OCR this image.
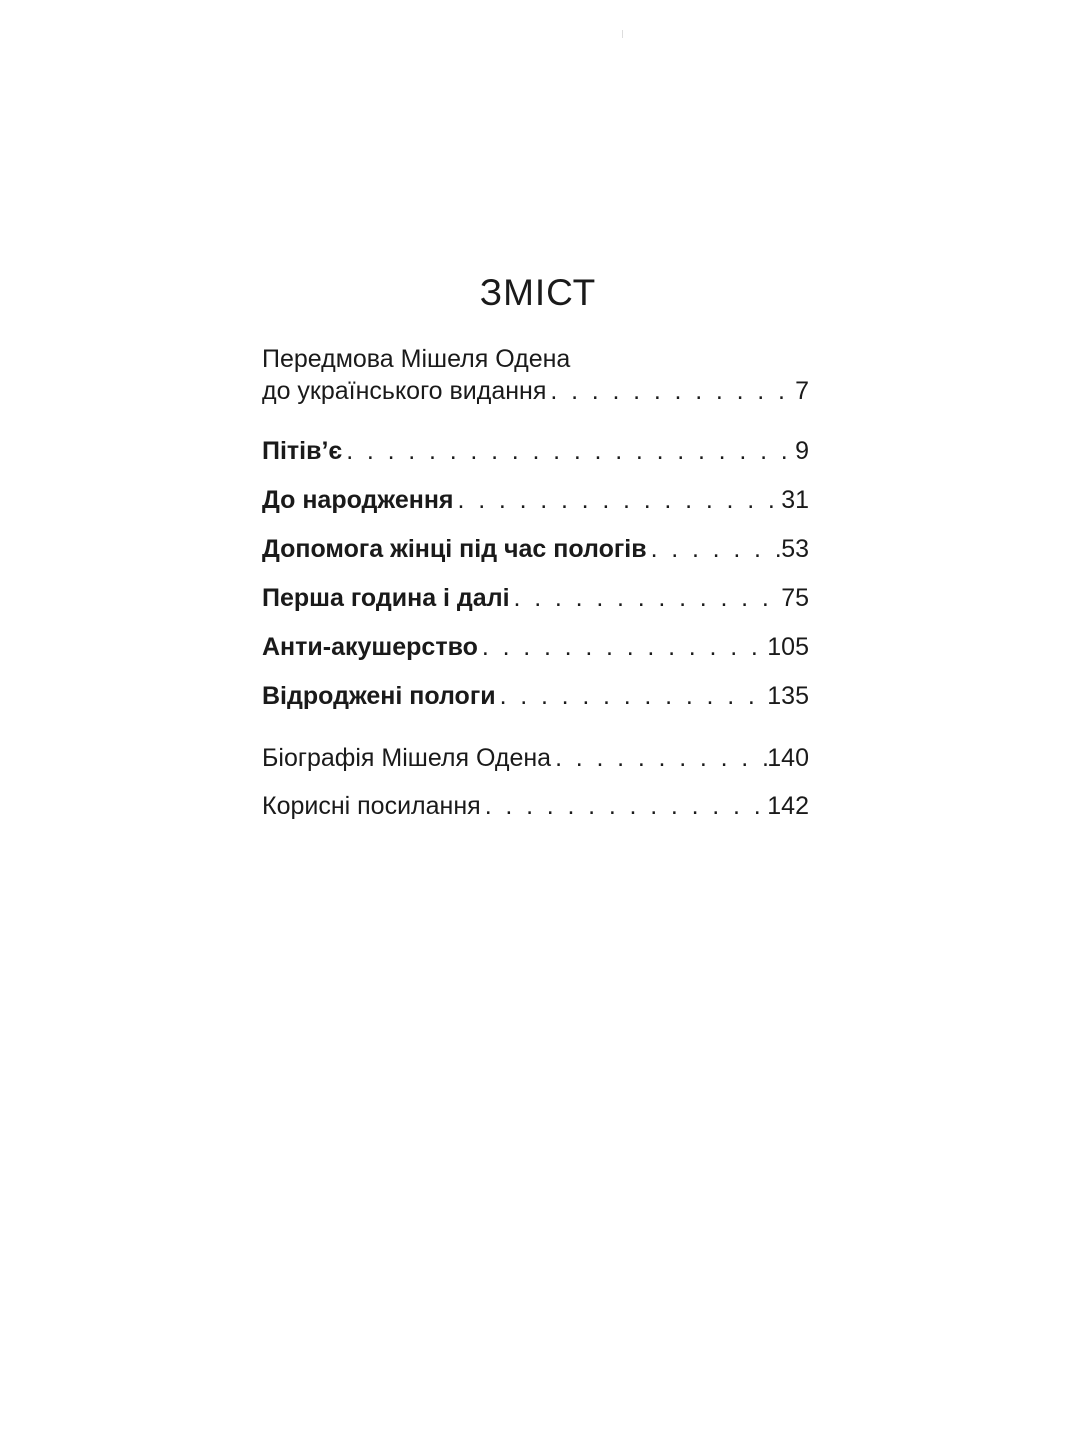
ЗМІСТ
Передмова Мішеля Одена
до українського видання . . .	7
Пітів’є . . .	9
До народження . . .	31
Допомога жінці під час пологів . . .	53
Перша година і далі . . .	75
Анти-акушерство . . .	105
Відроджені пологи . . .	135
Біографія Мішеля Одена . . .	140
Корисні посилання . . .	142
